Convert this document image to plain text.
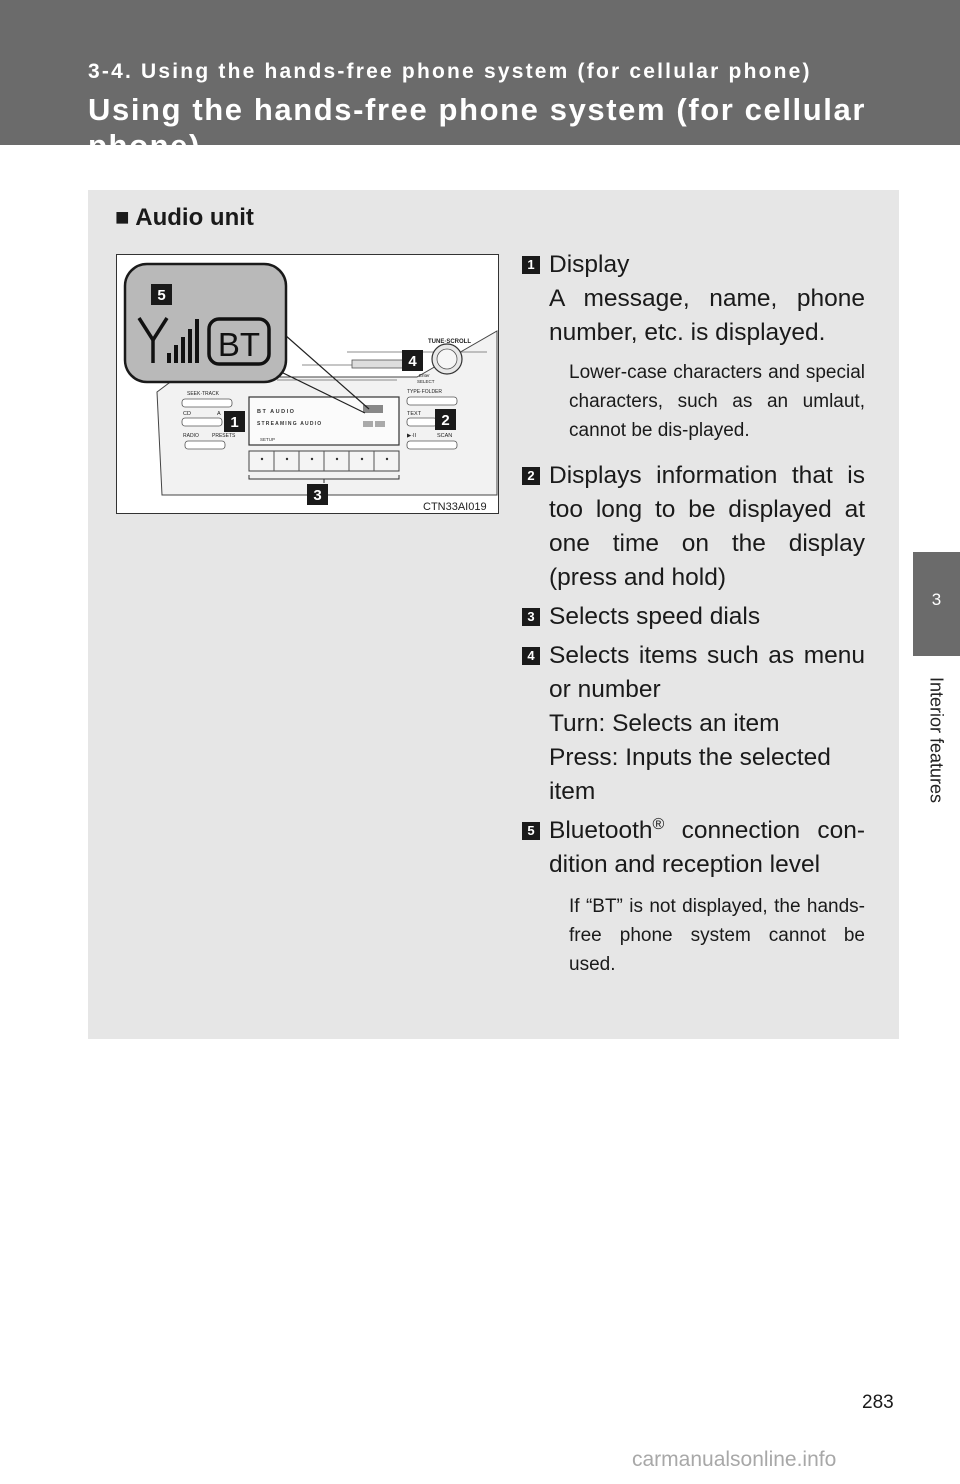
3-4. Using the hands-free phone system (for cellular phone)
Using the hands-free phone system (for cellular phone)
3
Interior features
■ Audio unit
TUNE·SCROLL
Enter
SELECT
SEEK·TRACK
CD	A
RADIO	PRESETS
TYPE·FOLDER
TEXT
▶·II	SCAN
BT AUDIO
STREAMING AUDIO
SETUP
BT
5
4
1	2
3
CTN33AI019
1 Display
A message, name, phone
number, etc. is displayed.
Lower-case characters and special characters, such as an umlaut, cannot be dis-played.
2 Displays information that is
too long to be displayed at
one time on the display
(press and hold)
3 Selects speed dials
4 Selects items such as menu
or number
Turn: Selects an item
Press: Inputs the selected
item
5 Bluetooth® connection con-
dition and reception level
If “BT” is not displayed, the hands-free phone system cannot be used.
283
carmanualsonline.info
